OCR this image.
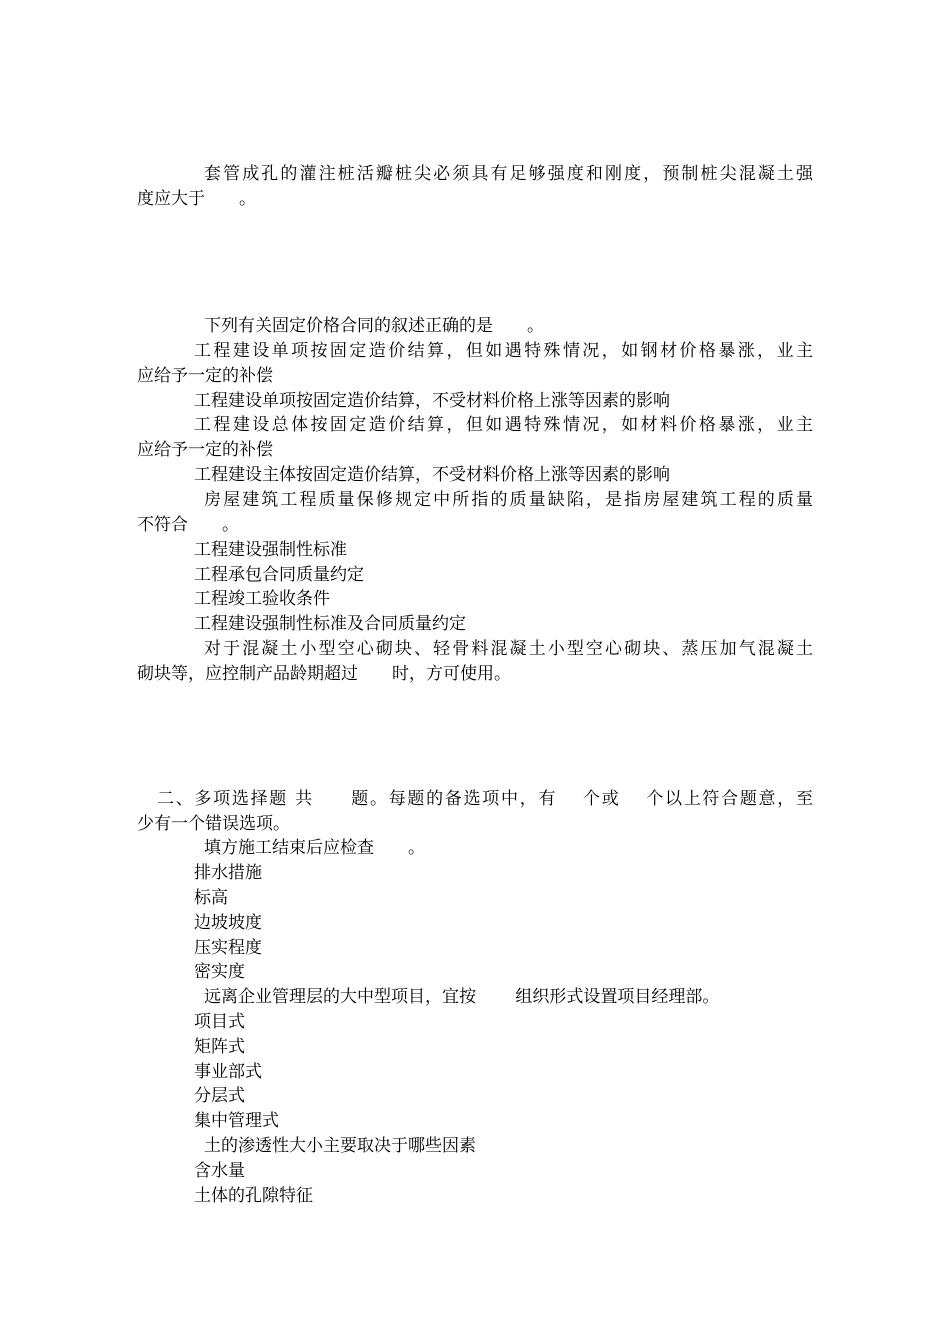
套管成孔的灌注桩活瓣桩尖必须具有足够强度和刚度，预制桩尖混凝土强
度应大于　　。
下列有关固定价格合同的叙述正确的是　　。
工程建设单项按固定造价结算，但如遇特殊情况，如钢材价格暴涨，业主
应给予一定的补偿
工程建设单项按固定造价结算，不受材料价格上涨等因素的影响
工程建设总体按固定造价结算，但如遇特殊情况，如材料价格暴涨，业主
应给予一定的补偿
工程建设主体按固定造价结算，不受材料价格上涨等因素的影响
房屋建筑工程质量保修规定中所指的质量缺陷，是指房屋建筑工程的质量
不符合　　。
工程建设强制性标准
工程承包合同质量约定
工程竣工验收条件
工程建设强制性标准及合同质量约定
对于混凝土小型空心砌块、轻骨料混凝土小型空心砌块、蒸压加气混凝土
砌块等，应控制产品龄期超过　　时，方可使用。
二、多项选择题 共　　题。每题的备选项中，有　 个或　 个以上符合题意，至
少有一个错误选项。
填方施工结束后应检查　　。
排水措施
标高
边坡坡度
压实程度
密实度
远离企业管理层的大中型项目，宜按　　 组织形式设置项目经理部。
项目式
矩阵式
事业部式
分层式
集中管理式
土的渗透性大小主要取决于哪些因素
含水量
土体的孔隙特征
